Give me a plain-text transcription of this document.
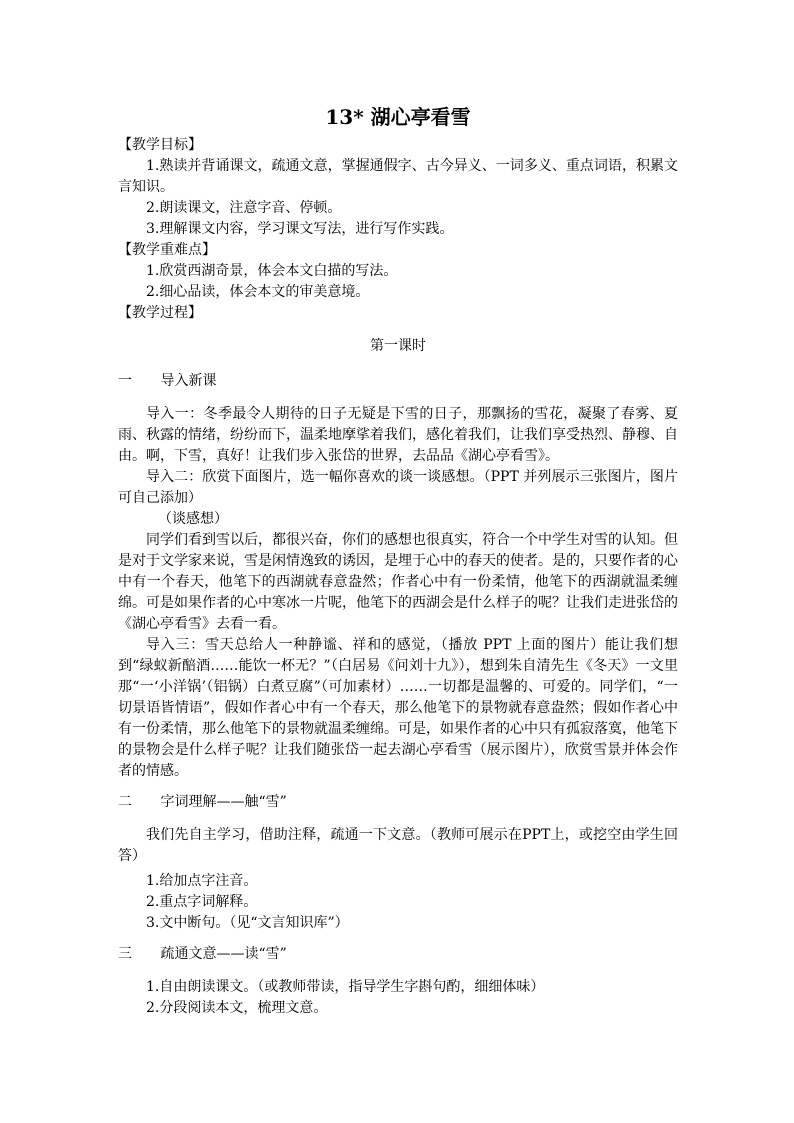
13* 湖心亭看雪
【教学目标】
1.熟读并背诵课文，疏通文意，掌握通假字、古今异义、一词多义、重点词语，积累文言知识。
2.朗读课文，注意字音、停顿。
3.理解课文内容，学习课文写法，进行写作实践。
【教学重难点】
1.欣赏西湖奇景，体会本文白描的写法。
2.细心品读，体会本文的审美意境。
【教学过程】
第一课时
一 导入新课
导入一：冬季最令人期待的日子无疑是下雪的日子，那飘扬的雪花，凝聚了春雾、夏雨、秋露的情绪，纷纷而下，温柔地摩挲着我们，感化着我们，让我们享受热烈、静穆、自由。啊，下雪，真好！让我们步入张岱的世界，去品品《湖心亭看雪》。
导入二：欣赏下面图片，选一幅你喜欢的谈一谈感想。（PPT 并列展示三张图片，图片可自己添加）
（谈感想）
同学们看到雪以后，都很兴奋，你们的感想也很真实，符合一个中学生对雪的认知。但是对于文学家来说，雪是闲情逸致的诱因，是埋于心中的春天的使者。是的，只要作者的心中有一个春天，他笔下的西湖就春意盎然；作者心中有一份柔情，他笔下的西湖就温柔缠绵。可是如果作者的心中寒冰一片呢，他笔下的西湖会是什么样子的呢？让我们走进张岱的《湖心亭看雪》去看一看。
导入三：雪天总给人一种静谧、祥和的感觉，（播放 PPT 上面的图片）能让我们想到“绿蚁新醅酒……能饮一杯无？”（白居易《问刘十九》），想到朱自清先生《冬天》一文里那“一‘小洋锅’（铝锅）白煮豆腐”（可加素材）……一切都是温馨的、可爱的。同学们，“一切景语皆情语”，假如作者心中有一个春天，那么他笔下的景物就春意盎然；假如作者心中有一份柔情，那么他笔下的景物就温柔缠绵。可是，如果作者的心中只有孤寂落寞，他笔下的景物会是什么样子呢？让我们随张岱一起去湖心亭看雪（展示图片），欣赏雪景并体会作者的情感。
二 字词理解——触“雪”
我们先自主学习，借助注释，疏通一下文意。（教师可展示在PPT上，或挖空由学生回答）
1.给加点字注音。
2.重点字词解释。
3.文中断句。（见“文言知识库”）
三 疏通文意——读“雪”
1.自由朗读课文。（或教师带读，指导学生字斟句酌，细细体味）
2.分段阅读本文，梳理文意。
